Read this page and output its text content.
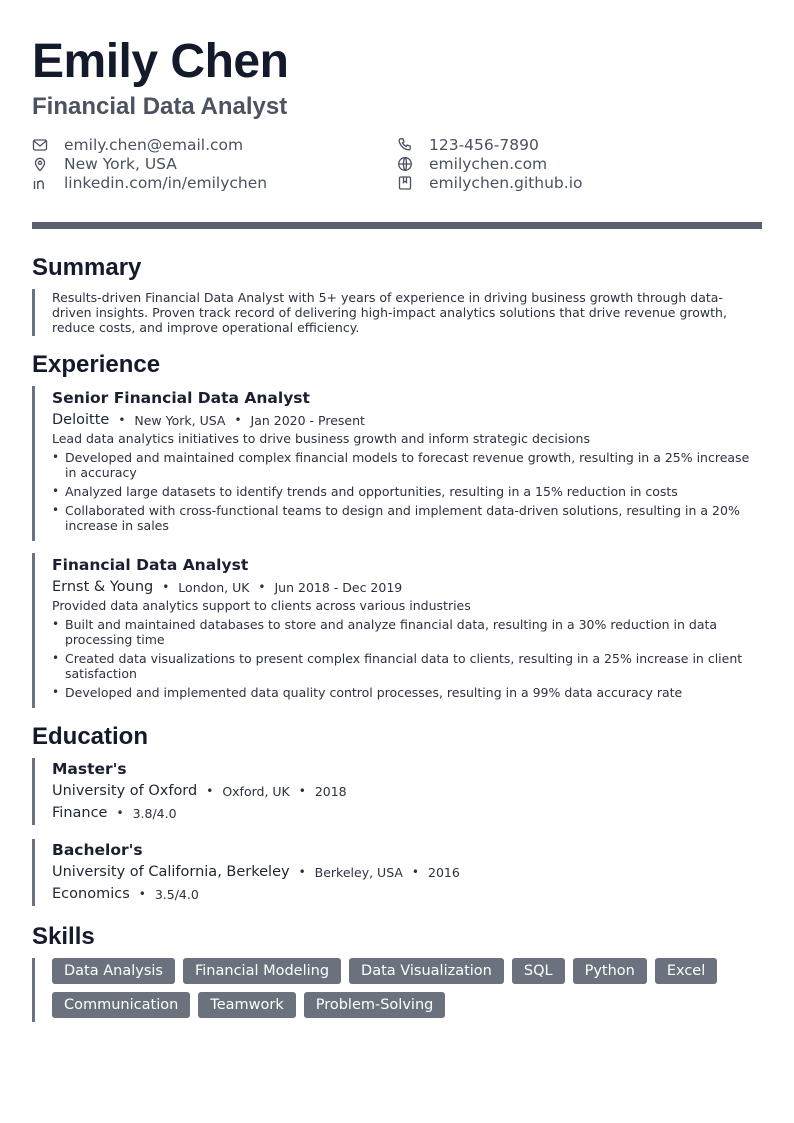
Emily Chen
Financial Data Analyst
emily.chen@email.com	123-456-7890
New York, USA	emilychen.com
linkedin.com/in/emilychen	emilychen.github.io
Summary
Results-driven Financial Data Analyst with 5+ years of experience in driving business growth through data-driven insights. Proven track record of delivering high-impact analytics solutions that drive revenue growth, reduce costs, and improve operational efficiency.
Experience
Senior Financial Data Analyst
Deloitte • New York, USA • Jan 2020 - Present
Lead data analytics initiatives to drive business growth and inform strategic decisions
• Developed and maintained complex financial models to forecast revenue growth, resulting in a 25% increase in accuracy
• Analyzed large datasets to identify trends and opportunities, resulting in a 15% reduction in costs
• Collaborated with cross-functional teams to design and implement data-driven solutions, resulting in a 20% increase in sales
Financial Data Analyst
Ernst & Young • London, UK • Jun 2018 - Dec 2019
Provided data analytics support to clients across various industries
• Built and maintained databases to store and analyze financial data, resulting in a 30% reduction in data processing time
• Created data visualizations to present complex financial data to clients, resulting in a 25% increase in client satisfaction
• Developed and implemented data quality control processes, resulting in a 99% data accuracy rate
Education
Master's
University of Oxford • Oxford, UK • 2018
Finance • 3.8/4.0
Bachelor's
University of California, Berkeley • Berkeley, USA • 2016
Economics • 3.5/4.0
Skills
Data Analysis	Financial Modeling	Data Visualization	SQL	Python	Excel
Communication	Teamwork	Problem-Solving
